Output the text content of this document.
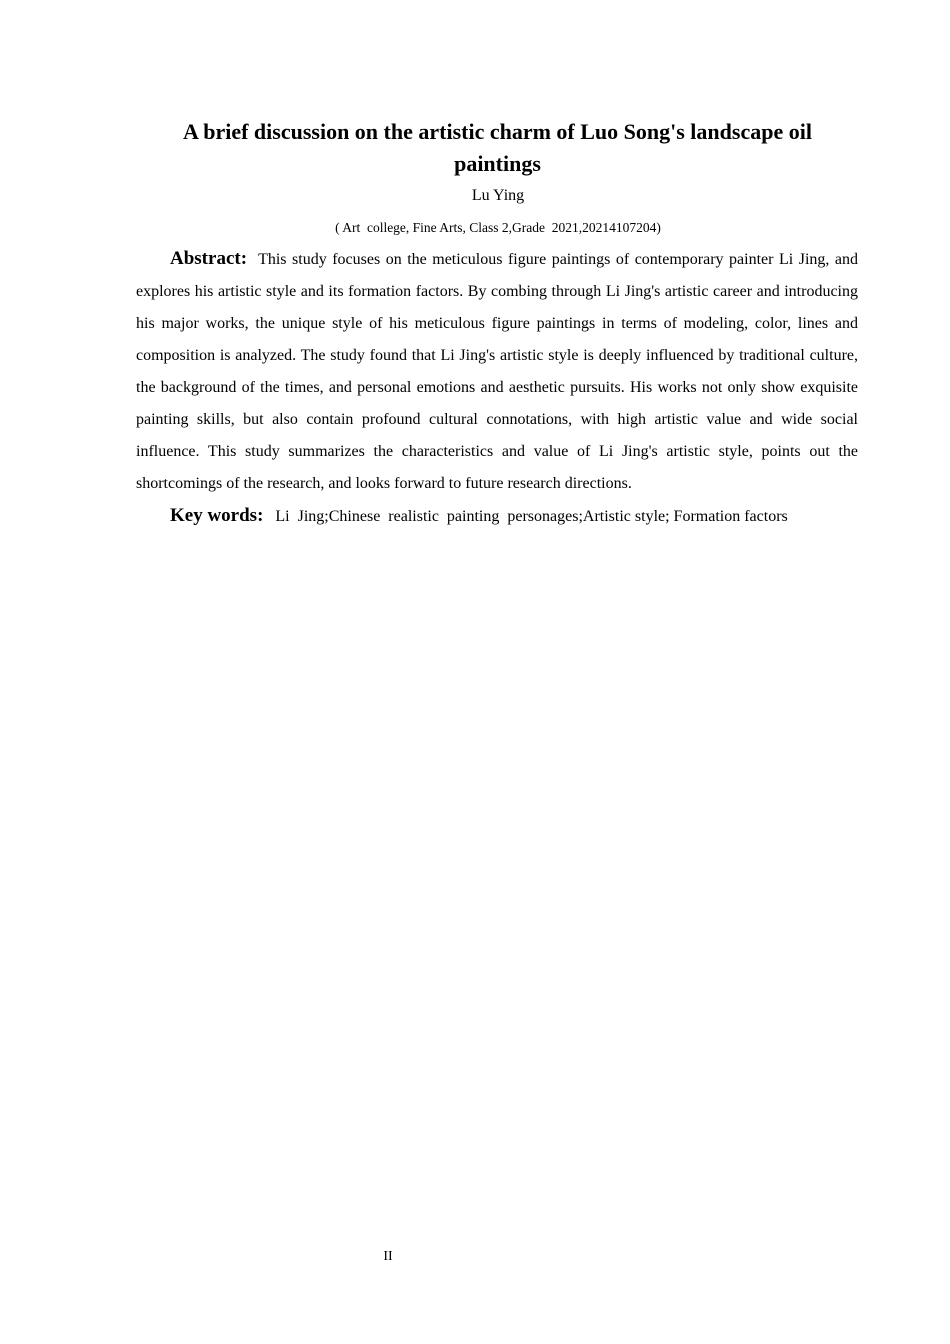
A brief discussion on the artistic charm of Luo Song's landscape oil paintings
Lu Ying
( Art  college, Fine Arts, Class 2,Grade  2021,20214107204)

Abstract: This study focuses on the meticulous figure paintings of contemporary painter Li Jing, and explores his artistic style and its formation factors. By combing through Li Jing's artistic career and introducing his major works, the unique style of his meticulous figure paintings in terms of modeling, color, lines and composition is analyzed. The study found that Li Jing's artistic style is deeply influenced by traditional culture, the background of the times, and personal emotions and aesthetic pursuits. His works not only show exquisite painting skills, but also contain profound cultural connotations, with high artistic value and wide social influence. This study summarizes the characteristics and value of Li Jing's artistic style, points out the shortcomings of the research, and looks forward to future research directions.

Key words: Li  Jing;Chinese  realistic  painting  personages;Artistic style; Formation factors

II
